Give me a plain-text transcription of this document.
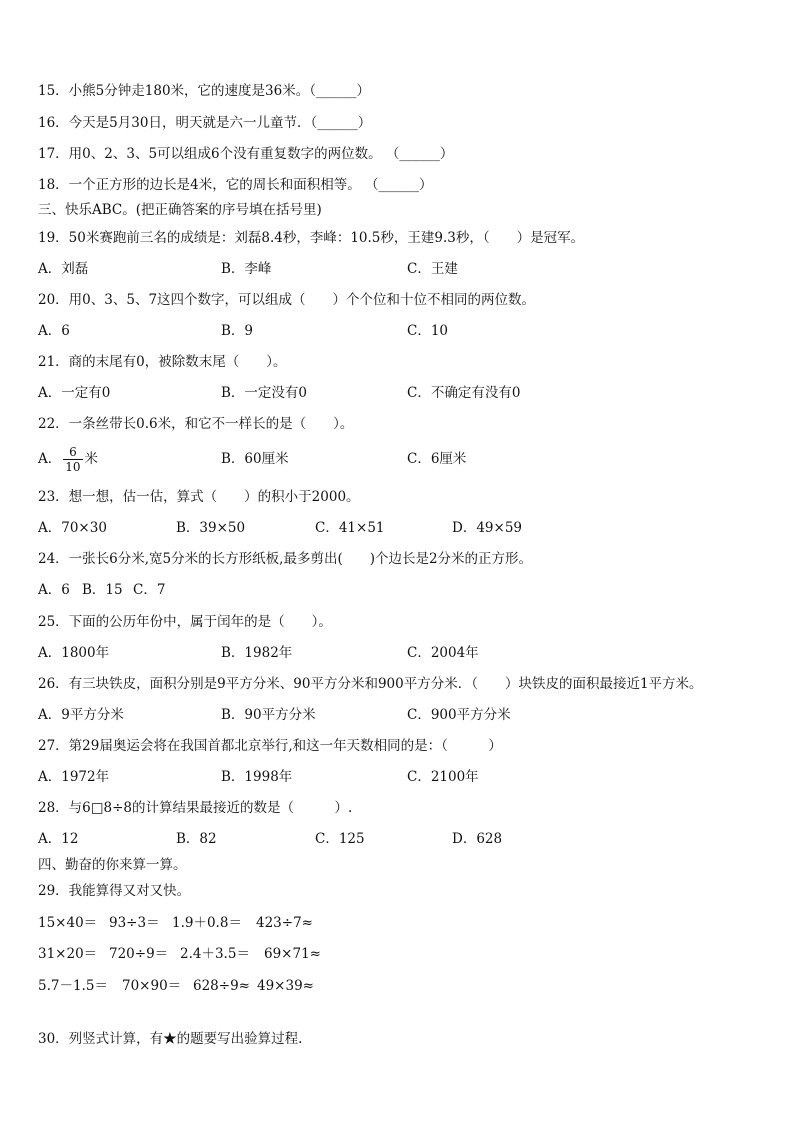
15．小熊5分钟走180米，它的速度是36米。（______）
16．今天是5月30日，明天就是六一儿童节．（______）
17．用0、2、3、5可以组成6个没有重复数字的两位数。 （______）
18．一个正方形的边长是4米，它的周长和面积相等。 （______）
三、快乐ABC。(把正确答案的序号填在括号里)
19．50米赛跑前三名的成绩是：刘磊8.4秒，李峰：10.5秒，王建9.3秒，（　　）是冠军。
A．刘磊	B．李峰	C．王建
20．用0、3、5、7这四个数字，可以组成（　　）个个位和十位不相同的两位数。
A．6	B．9	C．10
21．商的末尾有0，被除数末尾（　　）。
A．一定有0	B．一定没有0	C．不确定有没有0
22．一条丝带长0.6米，和它不一样长的是（　　）。
A． $\frac{6}{10}$ 米	B．60厘米	C．6厘米
23．想一想，估一估，算式（　　）的积小于2000。
A．70×30	B．39×50	C．41×51	D．49×59
24．一张长6分米,宽5分米的长方形纸板,最多剪出(　　)个边长是2分米的正方形。
A．6 B．15 C．7
25．下面的公历年份中，属于闰年的是（　　）。
A．1800年	B．1982年	C．2004年
26．有三块铁皮，面积分别是9平方分米、90平方分米和900平方分米．（　　）块铁皮的面积最接近1平方米。
A．9平方分米	B．90平方分米	C．900平方分米
27．第29届奥运会将在我国首都北京举行,和这一年天数相同的是：（　　　）
A．1972年	B．1998年	C．2100年
28．与6□8÷8的计算结果最接近的数是（　　　）.
A．12	B．82	C．125	D．628
四、勤奋的你来算一算。
29．我能算得又对又快。
15×40＝ 93÷3＝ 1.9＋0.8＝ 423÷7≈
31×20＝ 720÷9＝ 2.4＋3.5＝ 69×71≈
5.7－1.5＝ 70×90＝ 628÷9≈ 49×39≈
30．列竖式计算，有★的题要写出验算过程.
